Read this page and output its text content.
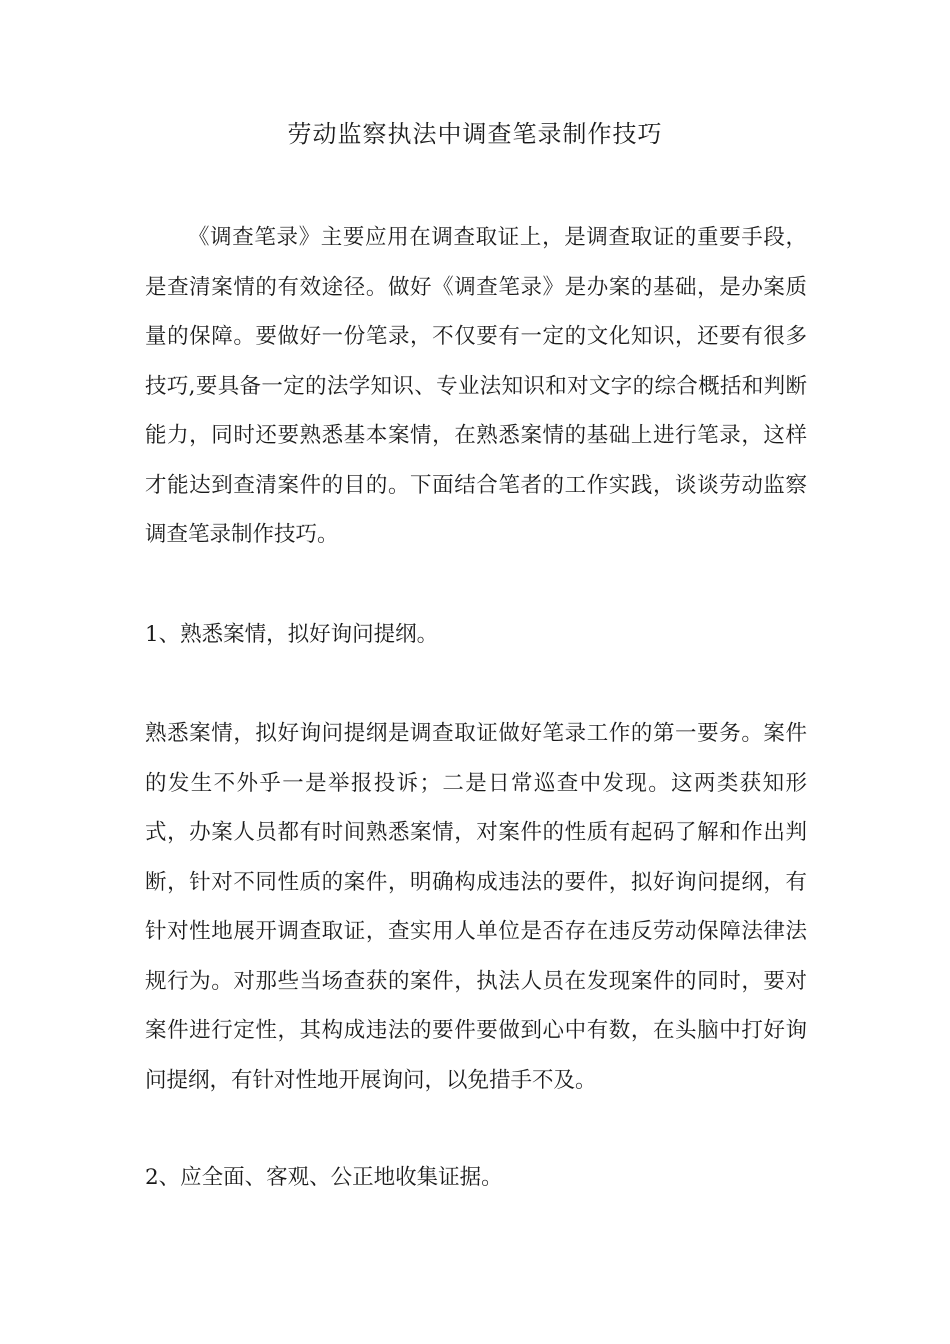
劳动监察执法中调查笔录制作技巧

《调查笔录》主要应用在调查取证上，是调查取证的重要手段，是查清案情的有效途径。做好《调查笔录》是办案的基础，是办案质量的保障。要做好一份笔录，不仅要有一定的文化知识，还要有很多技巧,要具备一定的法学知识、专业法知识和对文字的综合概括和判断能力，同时还要熟悉基本案情，在熟悉案情的基础上进行笔录，这样才能达到查清案件的目的。下面结合笔者的工作实践，谈谈劳动监察调查笔录制作技巧。

1、熟悉案情，拟好询问提纲。

熟悉案情，拟好询问提纲是调查取证做好笔录工作的第一要务。案件的发生不外乎一是举报投诉；二是日常巡查中发现。这两类获知形式，办案人员都有时间熟悉案情，对案件的性质有起码了解和作出判断，针对不同性质的案件，明确构成违法的要件，拟好询问提纲，有针对性地展开调查取证，查实用人单位是否存在违反劳动保障法律法规行为。对那些当场查获的案件，执法人员在发现案件的同时，要对案件进行定性，其构成违法的要件要做到心中有数，在头脑中打好询问提纲，有针对性地开展询问，以免措手不及。

2、应全面、客观、公正地收集证据。
